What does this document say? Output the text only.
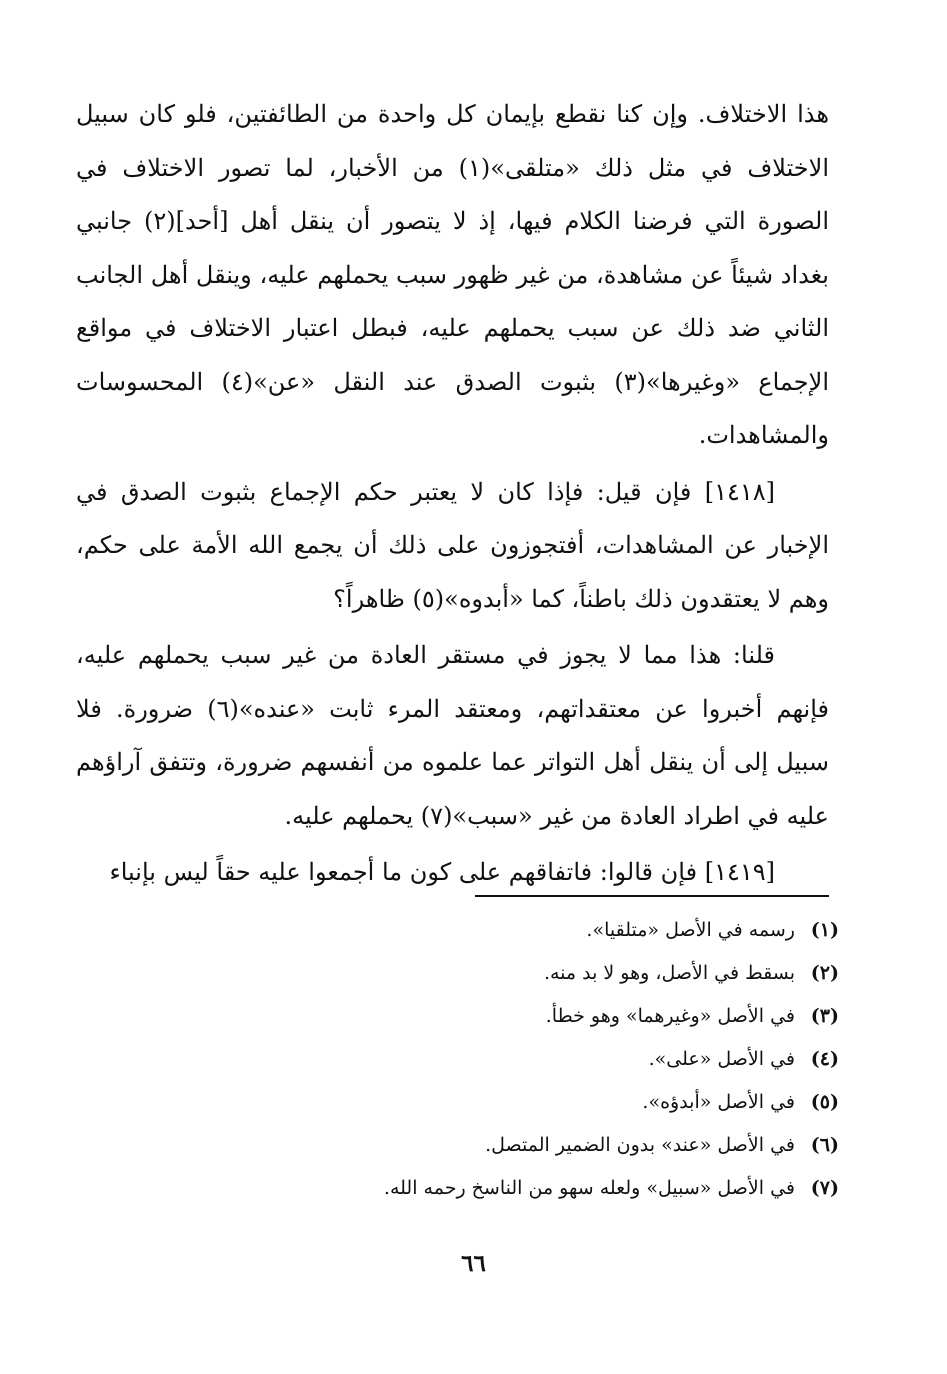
هذا الاختلاف. وإن كنا نقطع بإيمان كل واحدة من الطائفتين، فلو كان سبيل الاختلاف في مثل ذلك «متلقى»(١) من الأخبار، لما تصور الاختلاف في الصورة التي فرضنا الكلام فيها، إذ لا يتصور أن ينقل أهل [أحد](٢) جانبي بغداد شيئاً عن مشاهدة، من غير ظهور سبب يحملهم عليه، وينقل أهل الجانب الثاني ضد ذلك عن سبب يحملهم عليه، فبطل اعتبار الاختلاف في مواقع الإجماع «وغيرها»(٣) بثبوت الصدق عند النقل «عن»(٤) المحسوسات والمشاهدات.

[١٤١٨] فإن قيل: فإذا كان لا يعتبر حكم الإجماع بثبوت الصدق في الإخبار عن المشاهدات، أفتجوزون على ذلك أن يجمع الله الأمة على حكم، وهم لا يعتقدون ذلك باطناً، كما «أبدوه»(٥) ظاهراً؟

قلنا: هذا مما لا يجوز في مستقر العادة من غير سبب يحملهم عليه، فإنهم أخبروا عن معتقداتهم، ومعتقد المرء ثابت «عنده»(٦) ضرورة. فلا سبيل إلى أن ينقل أهل التواتر عما علموه من أنفسهم ضرورة، وتتفق آراؤهم عليه في اطراد العادة من غير «سبب»(٧) يحملهم عليه.

[١٤١٩] فإن قالوا: فاتفاقهم على كون ما أجمعوا عليه حقاً ليس بإنباء

(١)رسمه في الأصل «متلقيا».
(٢)بسقط في الأصل، وهو لا بد منه.
(٣)في الأصل «وغيرهما» وهو خطأ.
(٤)في الأصل «على».
(٥)في الأصل «أبدؤه».
(٦)في الأصل «عند» بدون الضمير المتصل.
(٧)في الأصل «سبيل» ولعله سهو من الناسخ رحمه الله.
٦٦
